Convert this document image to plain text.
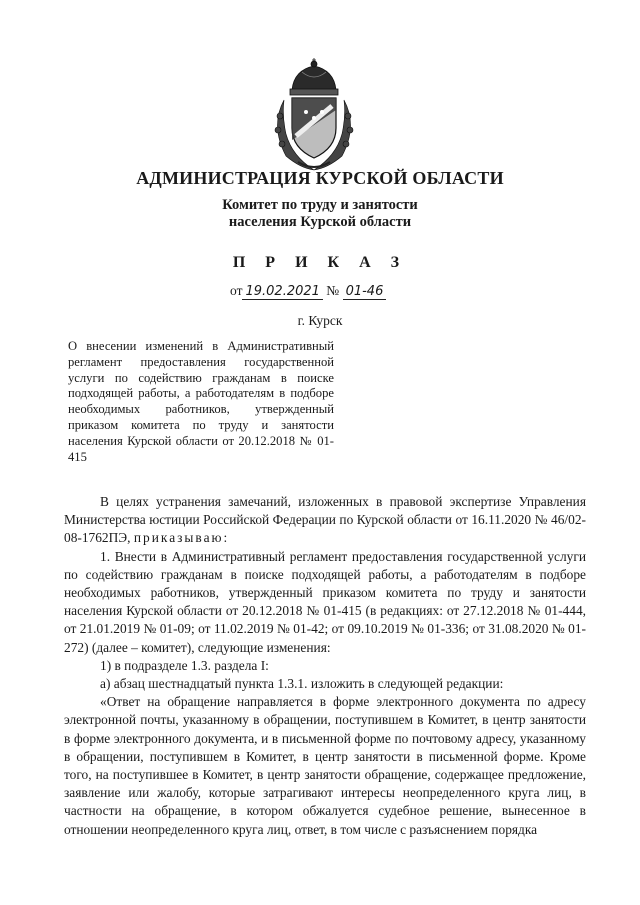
АДМИНИСТРАЦИЯ КУРСКОЙ ОБЛАСТИ
Комитет по труду и занятости
населения Курской области
П Р И К А З
от 19.02.2021 № 01-46
г. Курск
О внесении изменений в Административный регламент предоставления государственной услуги по содействию гражданам в поиске подходящей работы, а работодателям в подборе необходимых работников, утвержденный приказом комитета по труду и занятости населения Курской области от 20.12.2018 № 01-415

В целях устранения замечаний, изложенных в правовой экспертизе Управления Министерства юстиции Российской Федерации по Курской области от 16.11.2020 № 46/02-08-1762ПЭ, приказываю:

1. Внести в Административный регламент предоставления государственной услуги по содействию гражданам в поиске подходящей работы, а работодателям в подборе необходимых работников, утвержденный приказом комитета по труду и занятости населения Курской области от 20.12.2018 № 01-415 (в редакциях: от 27.12.2018 № 01-444, от 21.01.2019 № 01-09; от 11.02.2019 № 01-42; от 09.10.2019 № 01-336; от 31.08.2020 № 01-272) (далее – комитет), следующие изменения:

1) в подразделе 1.3. раздела I:

а) абзац шестнадцатый пункта 1.3.1. изложить в следующей редакции:

«Ответ на обращение направляется в форме электронного документа по адресу электронной почты, указанному в обращении, поступившем в Комитет, в центр занятости в форме электронного документа, и в письменной форме по почтовому адресу, указанному в обращении, поступившем в Комитет, в центр занятости в письменной форме. Кроме того, на поступившее в Комитет, в центр занятости обращение, содержащее предложение, заявление или жалобу, которые затрагивают интересы неопределенного круга лиц, в частности на обращение, в котором обжалуется судебное решение, вынесенное в отношении неопределенного круга лиц, ответ, в том числе с разъяснением порядка
